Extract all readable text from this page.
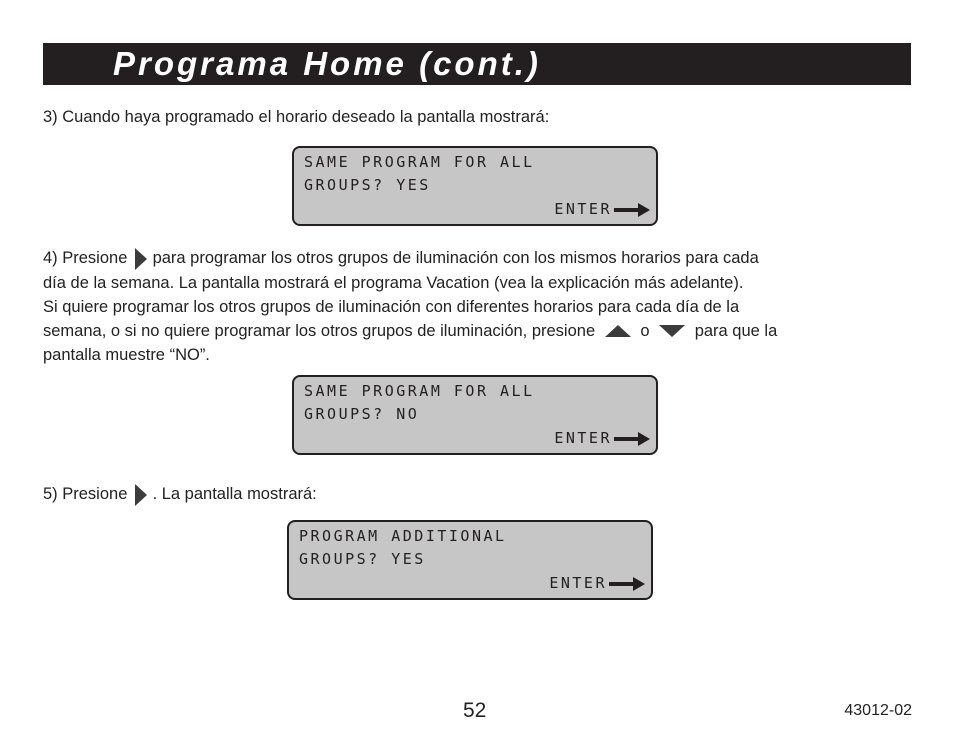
Programa Home (cont.)
3) Cuando haya programado el horario deseado la pantalla mostrará:
SAME PROGRAM FOR ALL
GROUPS? YES
ENTER
4) Presione para programar los otros grupos de iluminación con los mismos horarios para cada
día de la semana. La pantalla mostrará el programa Vacation (vea la explicación más adelante).
Si quiere programar los otros grupos de iluminación con diferentes horarios para cada día de la
semana, o si no quiere programar los otros grupos de iluminación, presione	o	para que la
pantalla muestre “NO”.
SAME PROGRAM FOR ALL
GROUPS? NO
ENTER
5) Presione . La pantalla mostrará:
PROGRAM ADDITIONAL
GROUPS? YES
ENTER
52	43012-02
